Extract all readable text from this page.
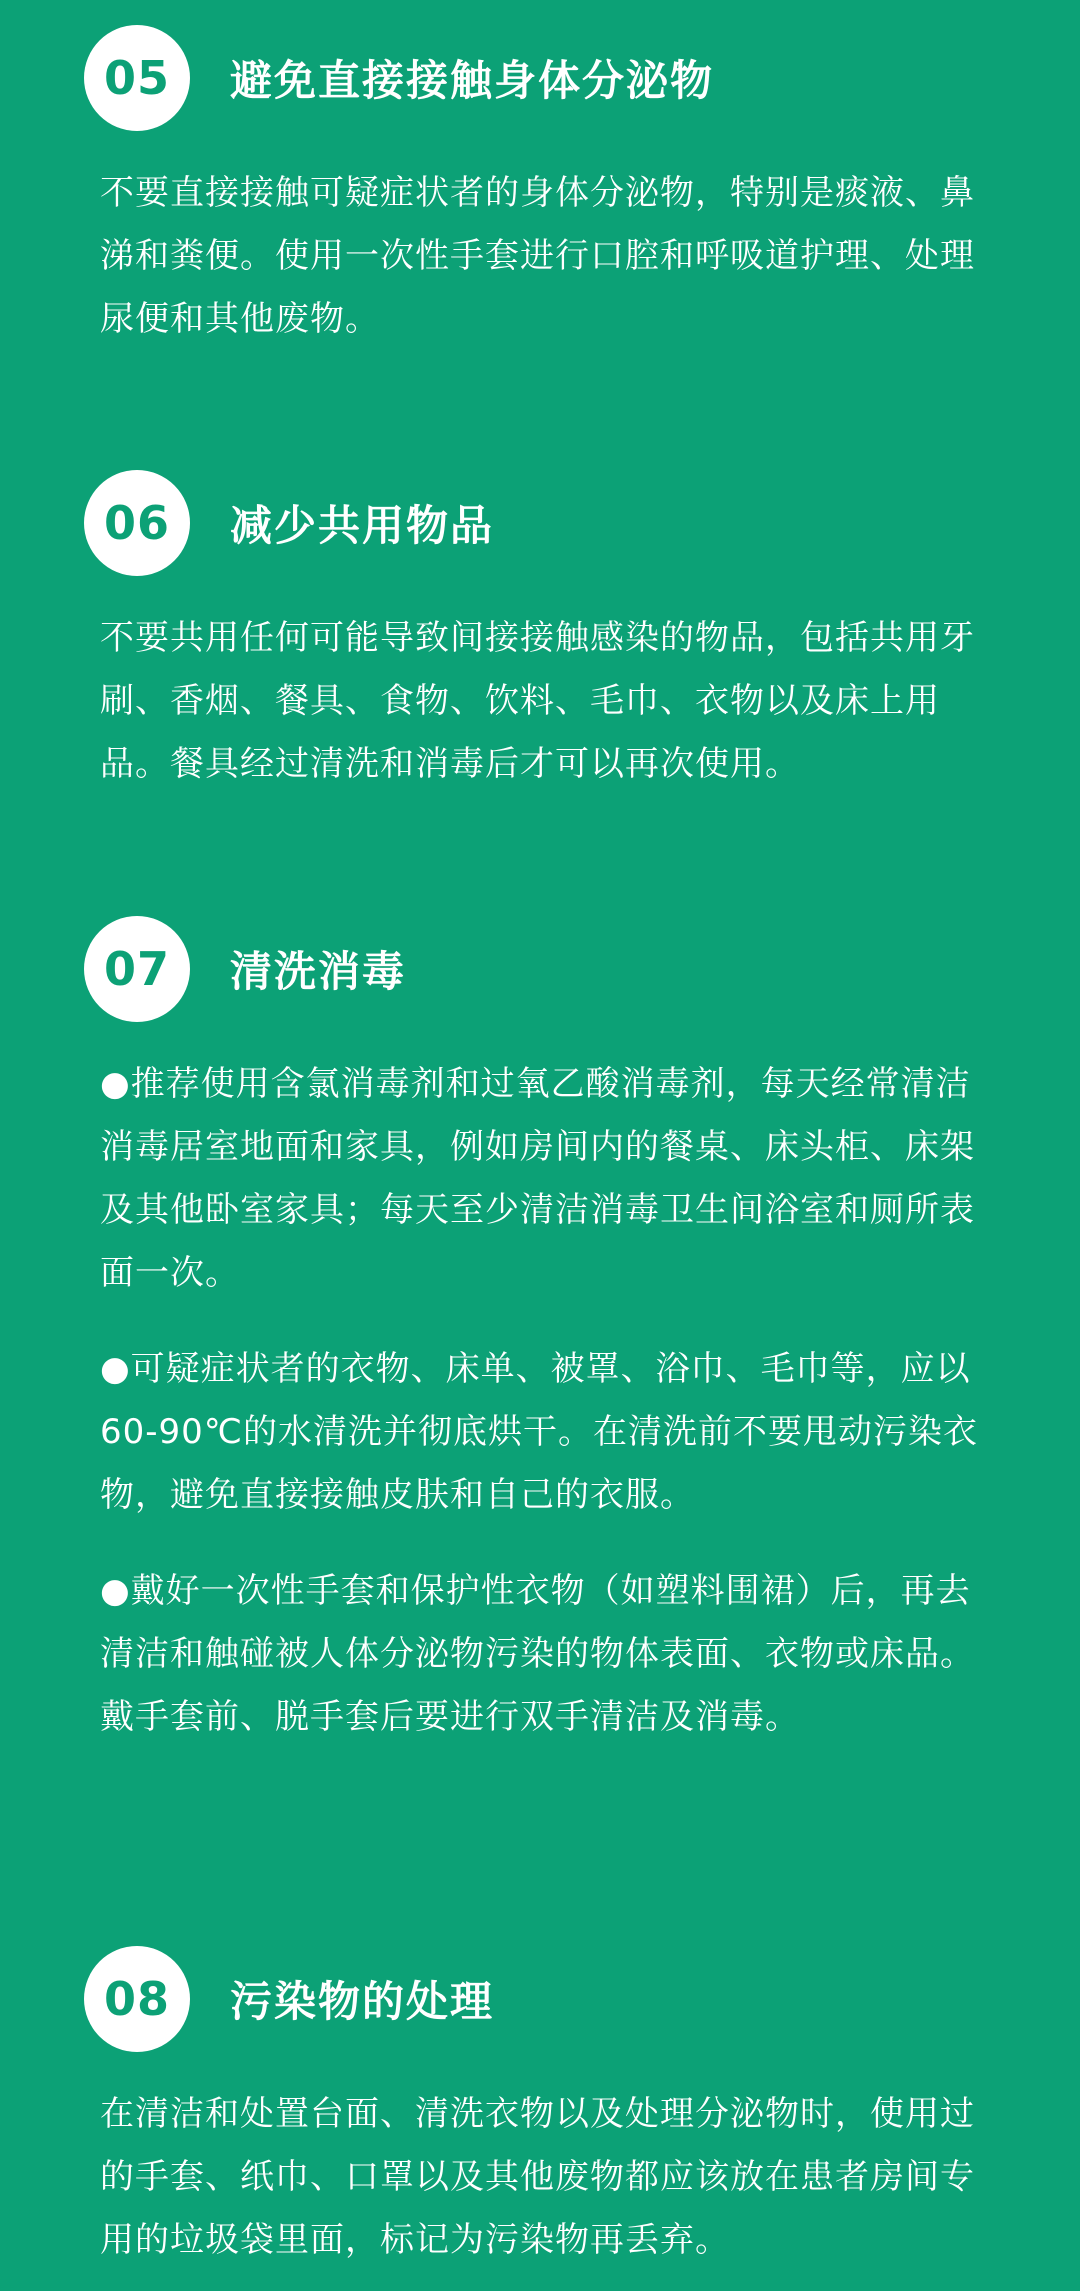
05	避免直接接触身体分泌物

不要直接接触可疑症状者的身体分泌物，特别是痰液、鼻涕和粪便。使用一次性手套进行口腔和呼吸道护理、处理尿便和其他废物。

06	减少共用物品

不要共用任何可能导致间接接触感染的物品，包括共用牙刷、香烟、餐具、食物、饮料、毛巾、衣物以及床上用品。餐具经过清洗和消毒后才可以再次使用。

07	清洗消毒

●推荐使用含氯消毒剂和过氧乙酸消毒剂，每天经常清洁消毒居室地面和家具，例如房间内的餐桌、床头柜、床架及其他卧室家具；每天至少清洁消毒卫生间浴室和厕所表面一次。

●可疑症状者的衣物、床单、被罩、浴巾、毛巾等，应以60-90℃的水清洗并彻底烘干。在清洗前不要甩动污染衣物，避免直接接触皮肤和自己的衣服。

●戴好一次性手套和保护性衣物（如塑料围裙）后，再去清洁和触碰被人体分泌物污染的物体表面、衣物或床品。戴手套前、脱手套后要进行双手清洁及消毒。

08	污染物的处理

在清洁和处置台面、清洗衣物以及处理分泌物时，使用过的手套、纸巾、口罩以及其他废物都应该放在患者房间专用的垃圾袋里面，标记为污染物再丢弃。
